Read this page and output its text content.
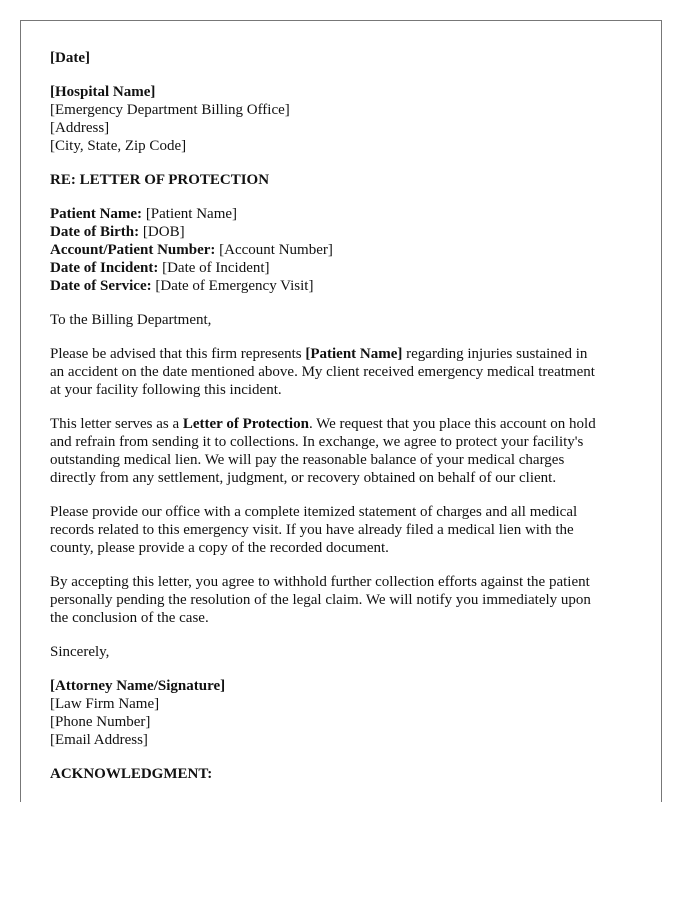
[Date]
[Hospital Name]
[Emergency Department Billing Office]
[Address]
[City, State, Zip Code]
RE: LETTER OF PROTECTION
Patient Name: [Patient Name]
Date of Birth: [DOB]
Account/Patient Number: [Account Number]
Date of Incident: [Date of Incident]
Date of Service: [Date of Emergency Visit]

To the Billing Department,

Please be advised that this firm represents [Patient Name] regarding injuries sustained in
an accident on the date mentioned above. My client received emergency medical treatment
at your facility following this incident.

This letter serves as a Letter of Protection. We request that you place this account on hold
and refrain from sending it to collections. In exchange, we agree to protect your facility's
outstanding medical lien. We will pay the reasonable balance of your medical charges
directly from any settlement, judgment, or recovery obtained on behalf of our client.

Please provide our office with a complete itemized statement of charges and all medical
records related to this emergency visit. If you have already filed a medical lien with the
county, please provide a copy of the recorded document.

By accepting this letter, you agree to withhold further collection efforts against the patient
personally pending the resolution of the legal claim. We will notify you immediately upon
the conclusion of the case.

Sincerely,

[Attorney Name/Signature]
[Law Firm Name]
[Phone Number]
[Email Address]
ACKNOWLEDGMENT:
